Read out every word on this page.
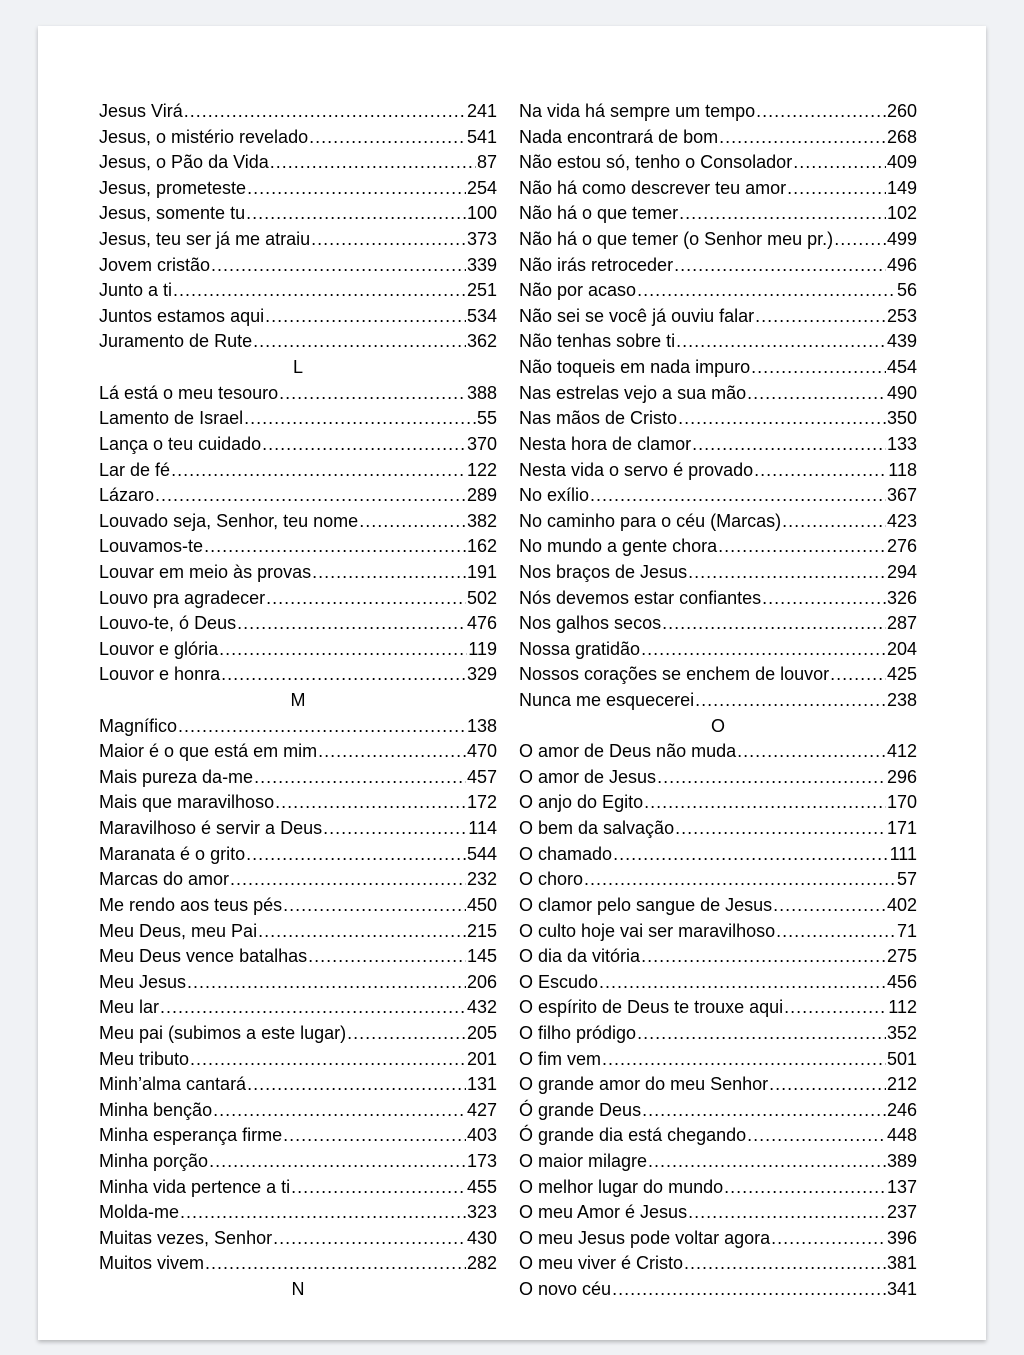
Jesus Virá .....	241
Jesus, o mistério revelado .....	541
Jesus, o Pão da Vida .....	87
Jesus, prometeste .....	254
Jesus, somente tu .....	100
Jesus, teu ser já me atraiu .....	373
Jovem cristão .....	339
Junto a ti .....	251
Juntos estamos aqui .....	534
Juramento de Rute .....	362
L
Lá está o meu tesouro .....	388
Lamento de Israel .....	55
Lança o teu cuidado .....	370
Lar de fé .....	122
Lázaro .....	289
Louvado seja, Senhor, teu nome .....	382
Louvamos-te .....	162
Louvar em meio às provas .....	191
Louvo pra agradecer .....	502
Louvo-te, ó Deus .....	476
Louvor e glória .....	119
Louvor e honra .....	329
M
Magnífico .....	138
Maior é o que está em mim .....	470
Mais pureza da-me .....	457
Mais que maravilhoso .....	172
Maravilhoso é servir a Deus .....	114
Maranata é o grito .....	544
Marcas do amor .....	232
Me rendo aos teus pés .....	450
Meu Deus, meu Pai .....	215
Meu Deus vence batalhas .....	145
Meu Jesus .....	206
Meu lar .....	432
Meu pai (subimos a este lugar) .....	205
Meu tributo .....	201
Minh’alma cantará .....	131
Minha benção .....	427
Minha esperança firme .....	403
Minha porção .....	173
Minha vida pertence a ti .....	455
Molda-me .....	323
Muitas vezes, Senhor .....	430
Muitos vivem .....	282
N
Na vida há sempre um tempo .....	260
Nada encontrará de bom .....	268
Não estou só, tenho o Consolador .....	409
Não há como descrever teu amor .....	149
Não há o que temer .....	102
Não há o que temer (o Senhor meu pr.) .....	499
Não irás retroceder .....	496
Não por acaso .....	56
Não sei se você já ouviu falar .....	253
Não tenhas sobre ti .....	439
Não toqueis em nada impuro .....	454
Nas estrelas vejo a sua mão .....	490
Nas mãos de Cristo .....	350
Nesta hora de clamor .....	133
Nesta vida o servo é provado .....	118
No exílio .....	367
No caminho para o céu (Marcas) .....	423
No mundo a gente chora .....	276
Nos braços de Jesus .....	294
Nós devemos estar confiantes .....	326
Nos galhos secos .....	287
Nossa gratidão .....	204
Nossos corações se enchem de louvor .....	425
Nunca me esquecerei .....	238
O
O amor de Deus não muda .....	412
O amor de Jesus .....	296
O anjo do Egito .....	170
O bem da salvação .....	171
O chamado .....	111
O choro .....	57
O clamor pelo sangue de Jesus .....	402
O culto hoje vai ser maravilhoso .....	71
O dia da vitória .....	275
O Escudo .....	456
O espírito de Deus te trouxe aqui .....	112
O filho pródigo .....	352
O fim vem .....	501
O grande amor do meu Senhor .....	212
Ó grande Deus .....	246
Ó grande dia está chegando .....	448
O maior milagre .....	389
O melhor lugar do mundo .....	137
O meu Amor é Jesus .....	237
O meu Jesus pode voltar agora .....	396
O meu viver é Cristo .....	381
O novo céu .....	341
